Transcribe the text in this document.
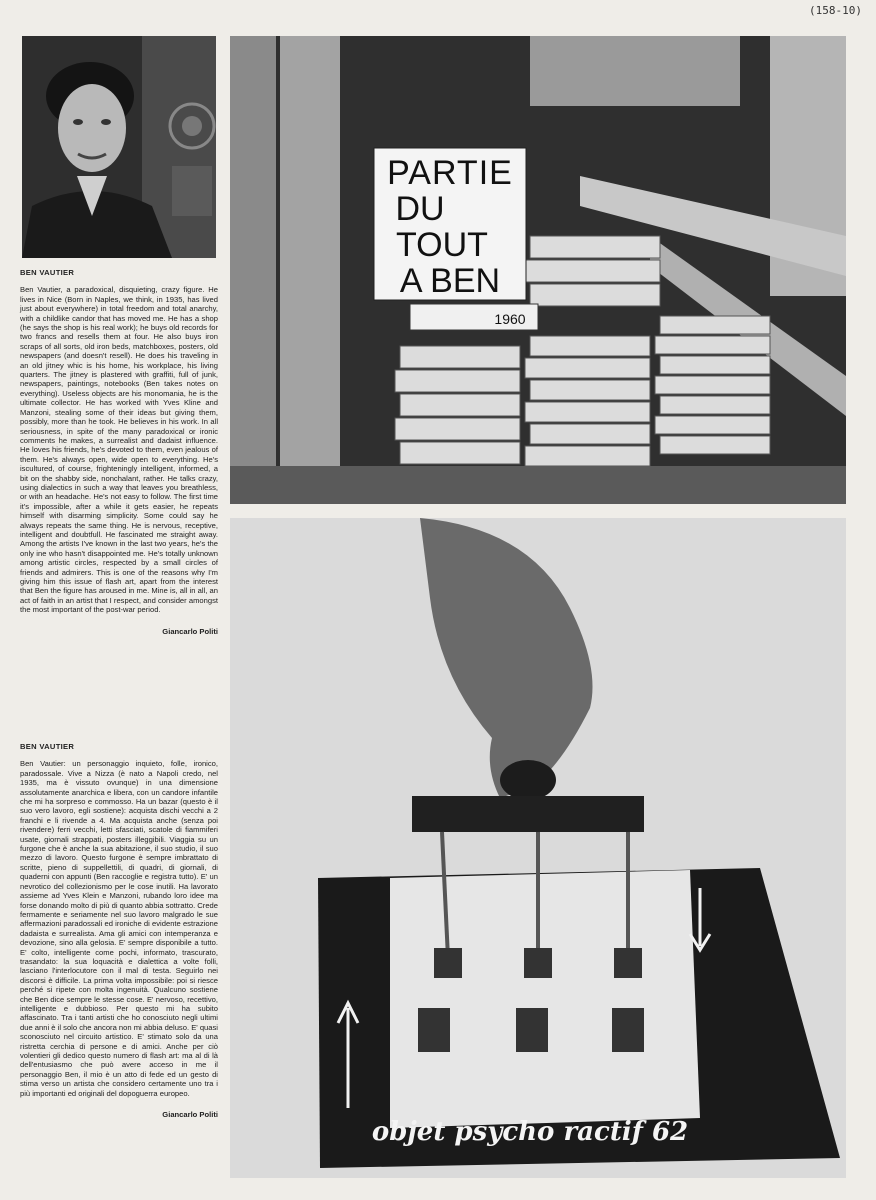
(158-10)
BEN VAUTIER

Ben Vautier, a paradoxical, disquieting, crazy figure. He lives in Nice (Born in Naples, we think, in 1935, has lived just about everywhere) in total freedom and total anarchy, with a childlike candor that has moved me. He has a shop (he says the shop is his real work); he buys old records for two francs and resells them at four. He also buys iron scraps of all sorts, old iron beds, matchboxes, posters, old newspapers (and doesn't resell). He does his traveling in an old jitney whic is his home, his workplace, his living quarters. The jitney is plastered with graffiti, full of junk, newspapers, paintings, notebooks (Ben takes notes on everything). Useless objects are his monomania, he is the ultimate collector. He has worked with Yves Kline and Manzoni, stealing some of their ideas but giving them, possibly, more than he took. He believes in his work. In all seriousness, in spite of the many paradoxical or ironic comments he makes, a surrealist and dadaist influence. He loves his friends, he's devoted to them, even jealous of them. He's always open, wide open to everything. He's iscultured, of course, frighteningly intelligent, informed, a bit on the shabby side, nonchalant, rather. He talks crazy, using dialectics in such a way that leaves you breathless, or with an headache. He's not easy to follow. The first time it's impossible, after a while it gets easier, he repeats himself with disarming simplicity. Some could say he always repeats the same thing. He is nervous, receptive, intelligent and doubtfull. He fascinated me straight away. Among the artists I've known in the last two years, he's the only ine who hasn't disappointed me. He's totally unknown among artistic circles, respected by a small circles of friends and admirers. This is one of the reasons why I'm giving him this issue of flash art, apart from the interest that Ben the figure has aroused in me. Mine is, all in all, an act of faith in an artist that I respect, and consider amongst the most important of the post-war period.

Giancarlo Politi
BEN VAUTIER

Ben Vautier: un personaggio inquieto, folle, ironico, paradossale. Vive a Nizza (è nato a Napoli credo, nel 1935, ma è vissuto ovunque) in una dimensione assolutamente anarchica e libera, con un candore infantile che mi ha sorpreso e commosso. Ha un bazar (questo è il suo vero lavoro, egli sostiene): acquista dischi vecchi a 2 franchi e li rivende a 4. Ma acquista anche (senza poi rivendere) ferri vecchi, letti sfasciati, scatole di fiammiferi usate, giornali strappati, posters illeggibili. Viaggia su un furgone che è anche la sua abitazione, il suo studio, il suo mezzo di lavoro. Questo furgone è sempre imbrattato di scritte, pieno di suppellettili, di quadri, di giornali, di quaderni con appunti (Ben raccoglie e registra tutto). E' un nevrotico del collezionismo per le cose inutili. Ha lavorato assieme ad Yves Klein e Manzoni, rubando loro idee ma forse donando molto di più di quanto abbia sottratto. Crede fermamente e seriamente nel suo lavoro malgrado le sue affermazioni paradossali ed ironiche di evidente estrazione dadaista e surrealista. Ama gli amici con intemperanza e devozione, sino alla gelosia. E' sempre disponibile a tutto. E' colto, intelligente come pochi, informato, trascurato, trasandato: la sua loquacità e dialettica a volte folli, lasciano l'interlocutore con il mal di testa. Seguirlo nei discorsi è difficile. La prima volta impossibile: poi si riesce perché si ripete con molta ingenuità. Qualcuno sostiene che Ben dice sempre le stesse cose. E' nervoso, recettivo, intelligente e dubbioso. Per questo mi ha subito affascinato. Tra i tanti artisti che ho conosciuto negli ultimi due anni è il solo che ancora non mi abbia deluso. E' quasi sconosciuto nel circuito artistico. E' stimato solo da una ristretta cerchia di persone e di amici. Anche per ciò volentieri gli dedico questo numero di flash art: ma al di là dell'entusiasmo che può avere acceso in me il personaggio Ben, il mio è un atto di fede ed un gesto di stima verso un artista che considero certamente uno tra i più importanti ed originali del dopoguerra europeo.

Giancarlo Politi
PARTIE
DU
TOUT
A BEN
1960
objet psycho ractif 62
